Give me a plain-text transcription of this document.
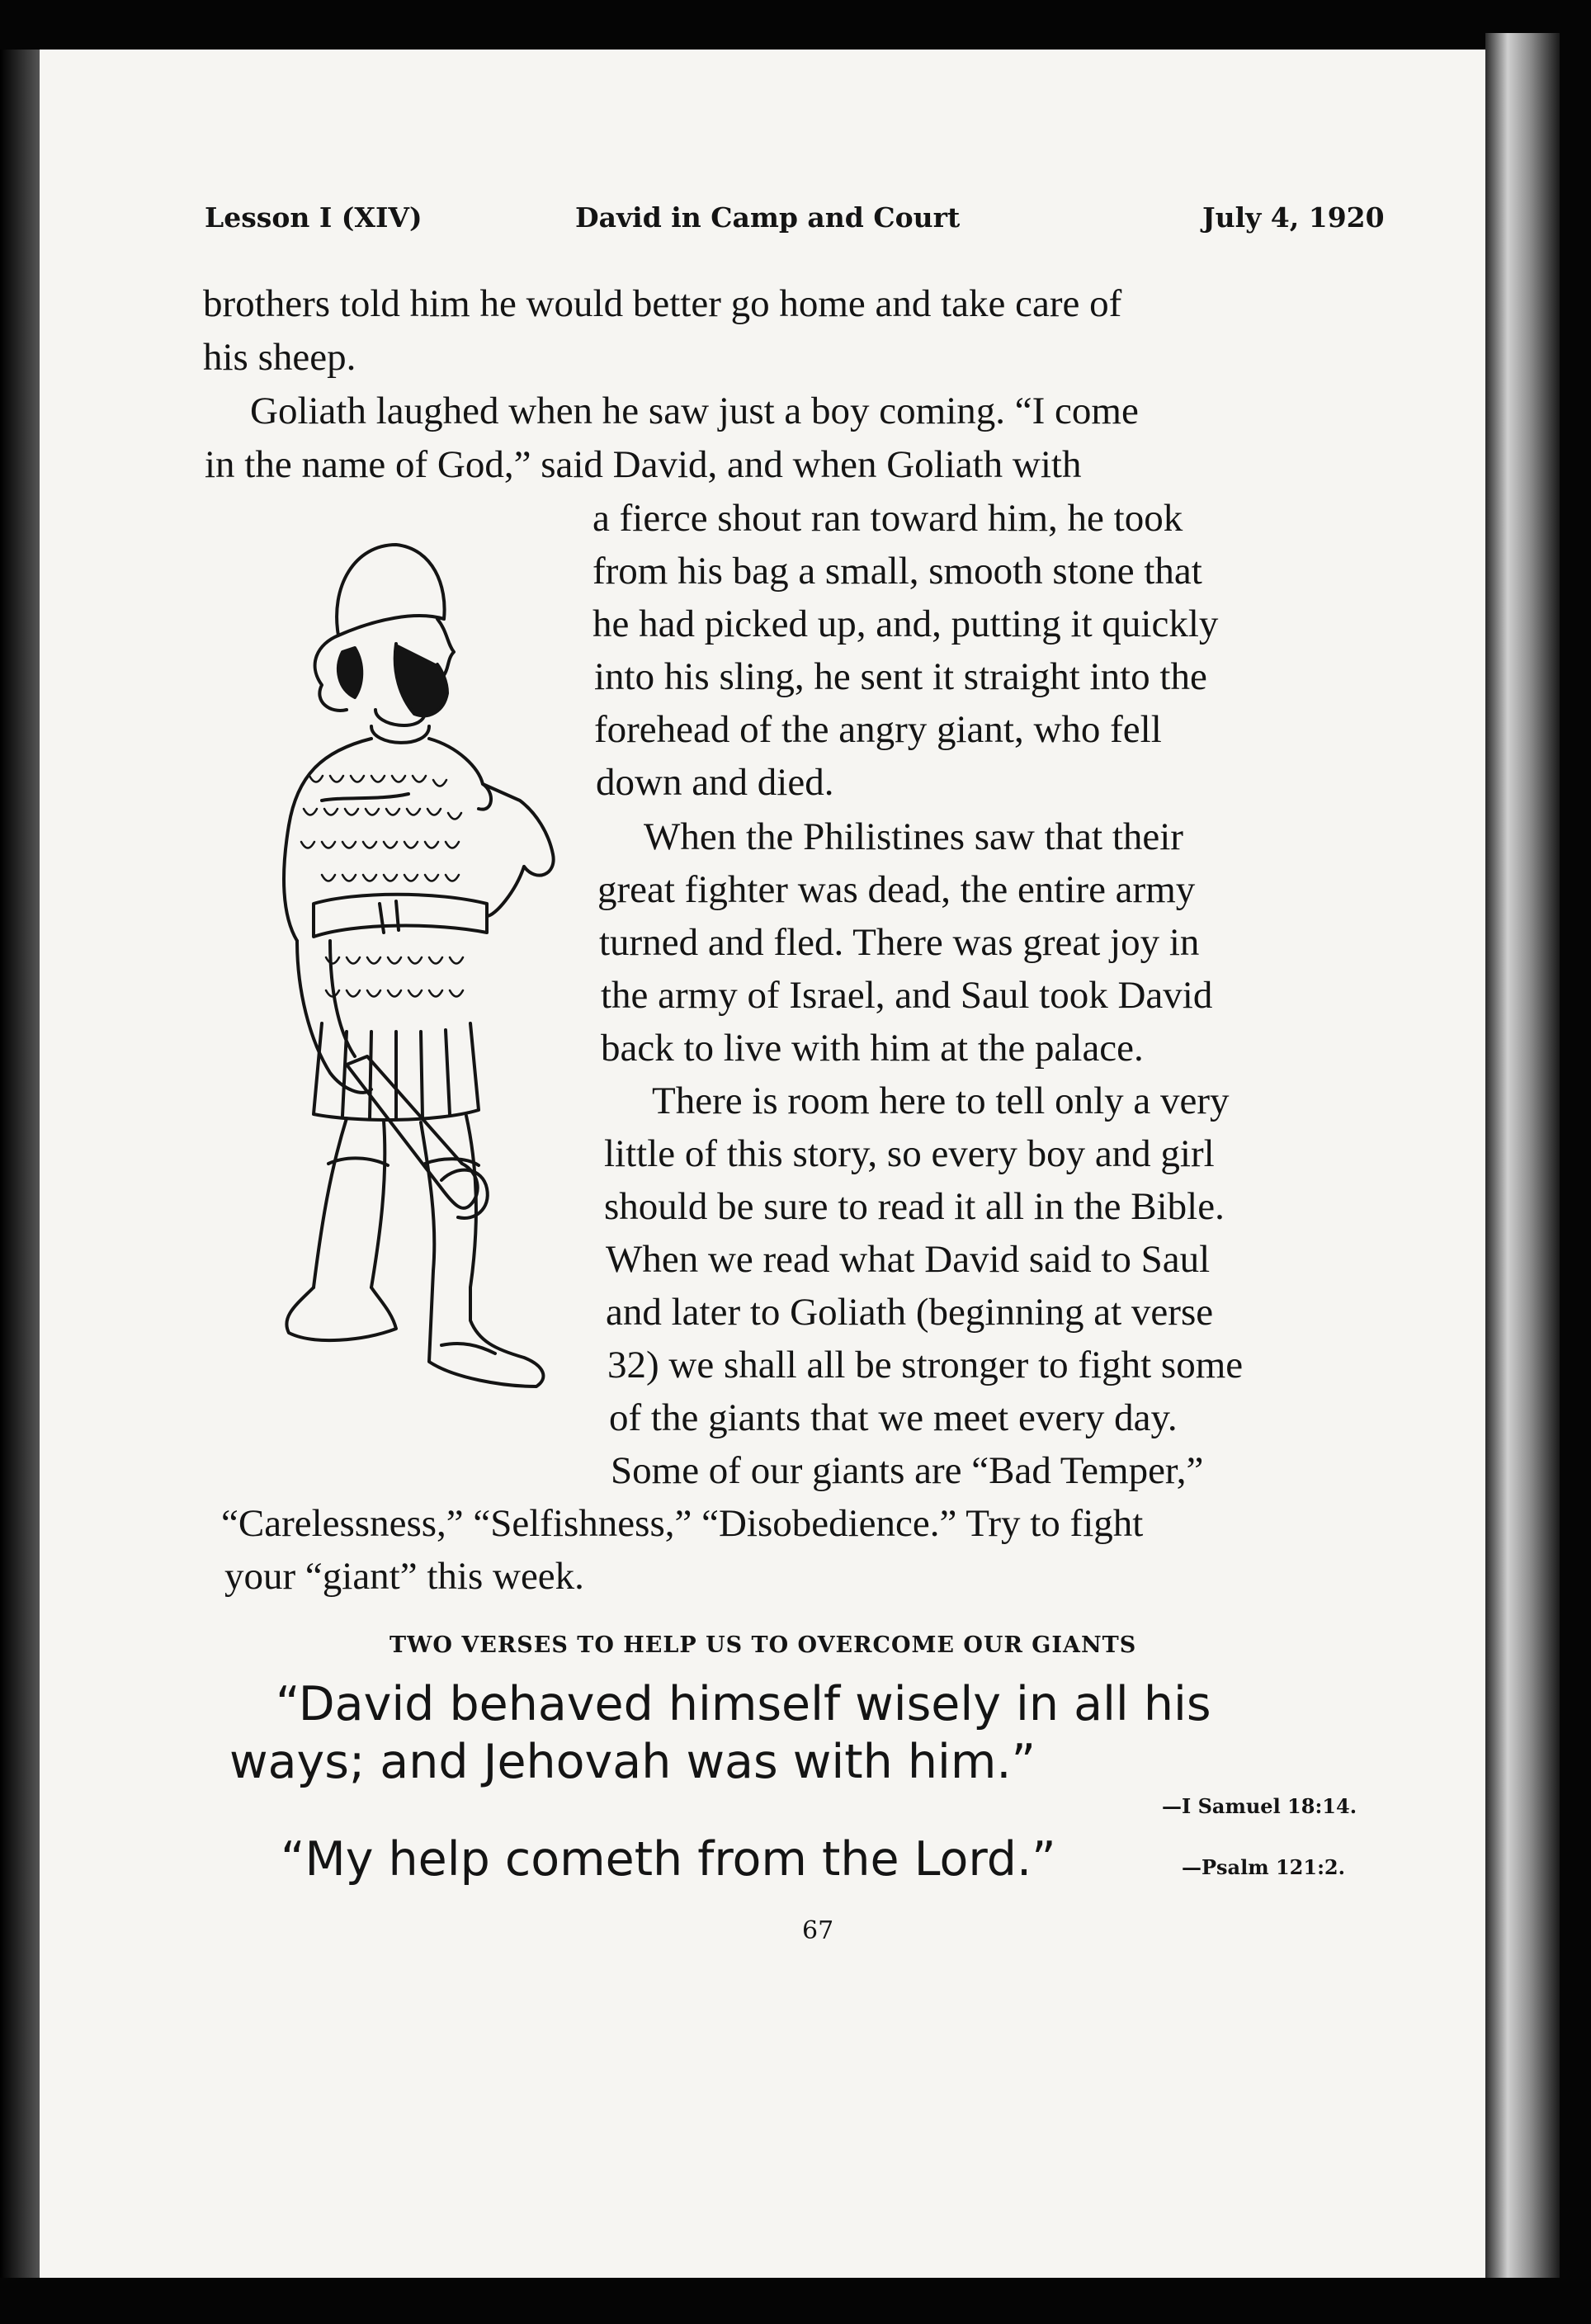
Lesson I (XIV)	David in Camp and Court	July 4, 1920
brothers told him he would better go home and take care of
his sheep.
Goliath laughed when he saw just a boy coming. “I come
in the name of God,” said David, and when Goliath with
a fierce shout ran toward him, he took
from his bag a small, smooth stone that
he had picked up, and, putting it quickly
into his sling, he sent it straight into the
forehead of the angry giant, who fell
down and died.
When the Philistines saw that their
great fighter was dead, the entire army
turned and fled. There was great joy in
the army of Israel, and Saul took David
back to live with him at the palace.
There is room here to tell only a very
little of this story, so every boy and girl
should be sure to read it all in the Bible.
When we read what David said to Saul
and later to Goliath (beginning at verse
32) we shall all be stronger to fight some
of the giants that we meet every day.
Some of our giants are “Bad Temper,”
“Carelessness,” “Selfishness,” “Disobedience.” Try to fight
your “giant” this week.
TWO VERSES TO HELP US TO OVERCOME OUR GIANTS
“David behaved himself wisely in all his
ways; and Jehovah was with him.”
—I Samuel 18:14.
“My help cometh from the Lord.”	—Psalm 121:2.
67
